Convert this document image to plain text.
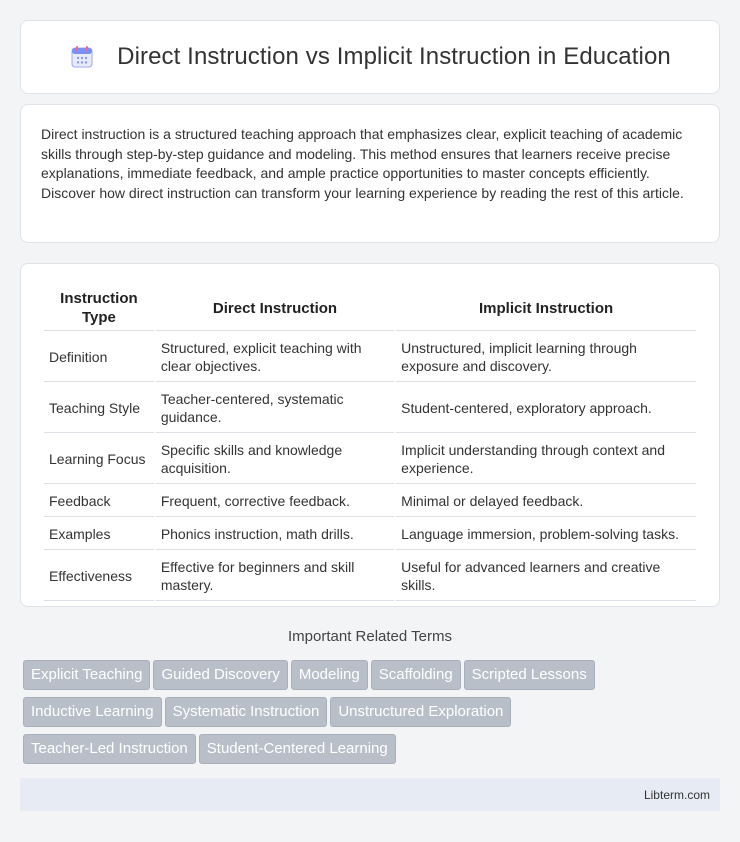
Direct Instruction vs Implicit Instruction in Education

Direct instruction is a structured teaching approach that emphasizes clear, explicit teaching of academic skills through step-by-step guidance and modeling. This method ensures that learners receive precise explanations, immediate feedback, and ample practice opportunities to master concepts efficiently. Discover how direct instruction can transform your learning experience by reading the rest of this article.

Instruction Type	Direct Instruction	Implicit Instruction
Definition	Structured, explicit teaching with clear objectives.	Unstructured, implicit learning through exposure and discovery.
Teaching Style	Teacher-centered, systematic guidance.	Student-centered, exploratory approach.
Learning Focus	Specific skills and knowledge acquisition.	Implicit understanding through context and experience.
Feedback	Frequent, corrective feedback.	Minimal or delayed feedback.
Examples	Phonics instruction, math drills.	Language immersion, problem-solving tasks.
Effectiveness	Effective for beginners and skill mastery.	Useful for advanced learners and creative skills.
Important Related Terms
Explicit Teaching Guided Discovery Modeling Scaffolding Scripted Lessons
Inductive Learning Systematic Instruction Unstructured Exploration
Teacher-Led Instruction Student-Centered Learning
Libterm.com
